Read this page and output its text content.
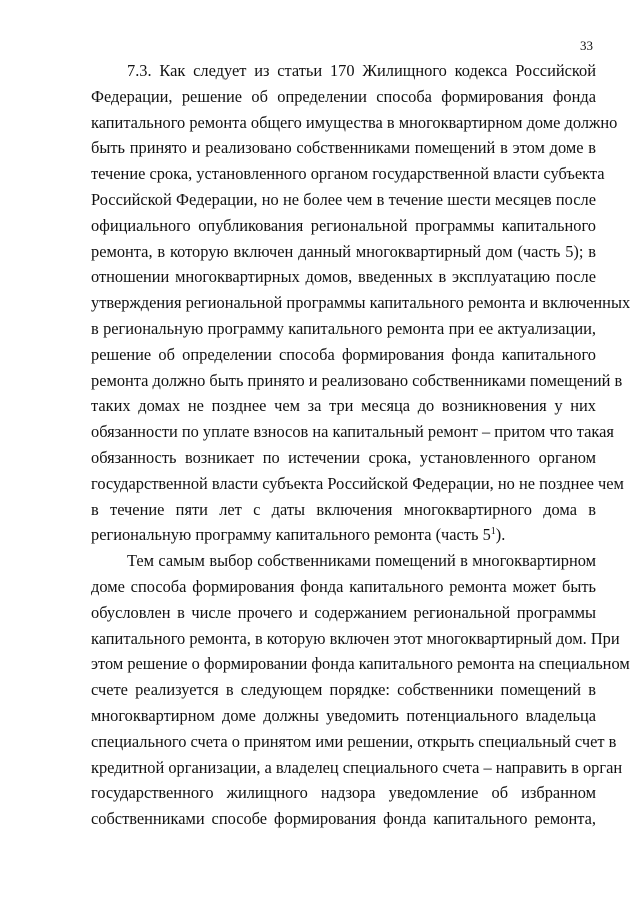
33
7.3. Как следует из статьи 170 Жилищного кодекса Российской
Федерации, решение об определении способа формирования фонда
капитального ремонта общего имущества в многоквартирном доме должно
быть принято и реализовано собственниками помещений в этом доме в
течение срока, установленного органом государственной власти субъекта
Российской Федерации, но не более чем в течение шести месяцев после
официального опубликования региональной программы капитального
ремонта, в которую включен данный многоквартирный дом (часть 5); в
отношении многоквартирных домов, введенных в эксплуатацию после
утверждения региональной программы капитального ремонта и включенных
в региональную программу капитального ремонта при ее актуализации,
решение об определении способа формирования фонда капитального
ремонта должно быть принято и реализовано собственниками помещений в
таких домах не позднее чем за три месяца до возникновения у них
обязанности по уплате взносов на капитальный ремонт – притом что такая
обязанность возникает по истечении срока, установленного органом
государственной власти субъекта Российской Федерации, но не позднее чем
в течение пяти лет с даты включения многоквартирного дома в
региональную программу капитального ремонта (часть $5^1$).
Тем самым выбор собственниками помещений в многоквартирном
доме способа формирования фонда капитального ремонта может быть
обусловлен в числе прочего и содержанием региональной программы
капитального ремонта, в которую включен этот многоквартирный дом. При
этом решение о формировании фонда капитального ремонта на специальном
счете реализуется в следующем порядке: собственники помещений в
многоквартирном доме должны уведомить потенциального владельца
специального счета о принятом ими решении, открыть специальный счет в
кредитной организации, а владелец специального счета – направить в орган
государственного жилищного надзора уведомление об избранном
собственниками способе формирования фонда капитального ремонта,
